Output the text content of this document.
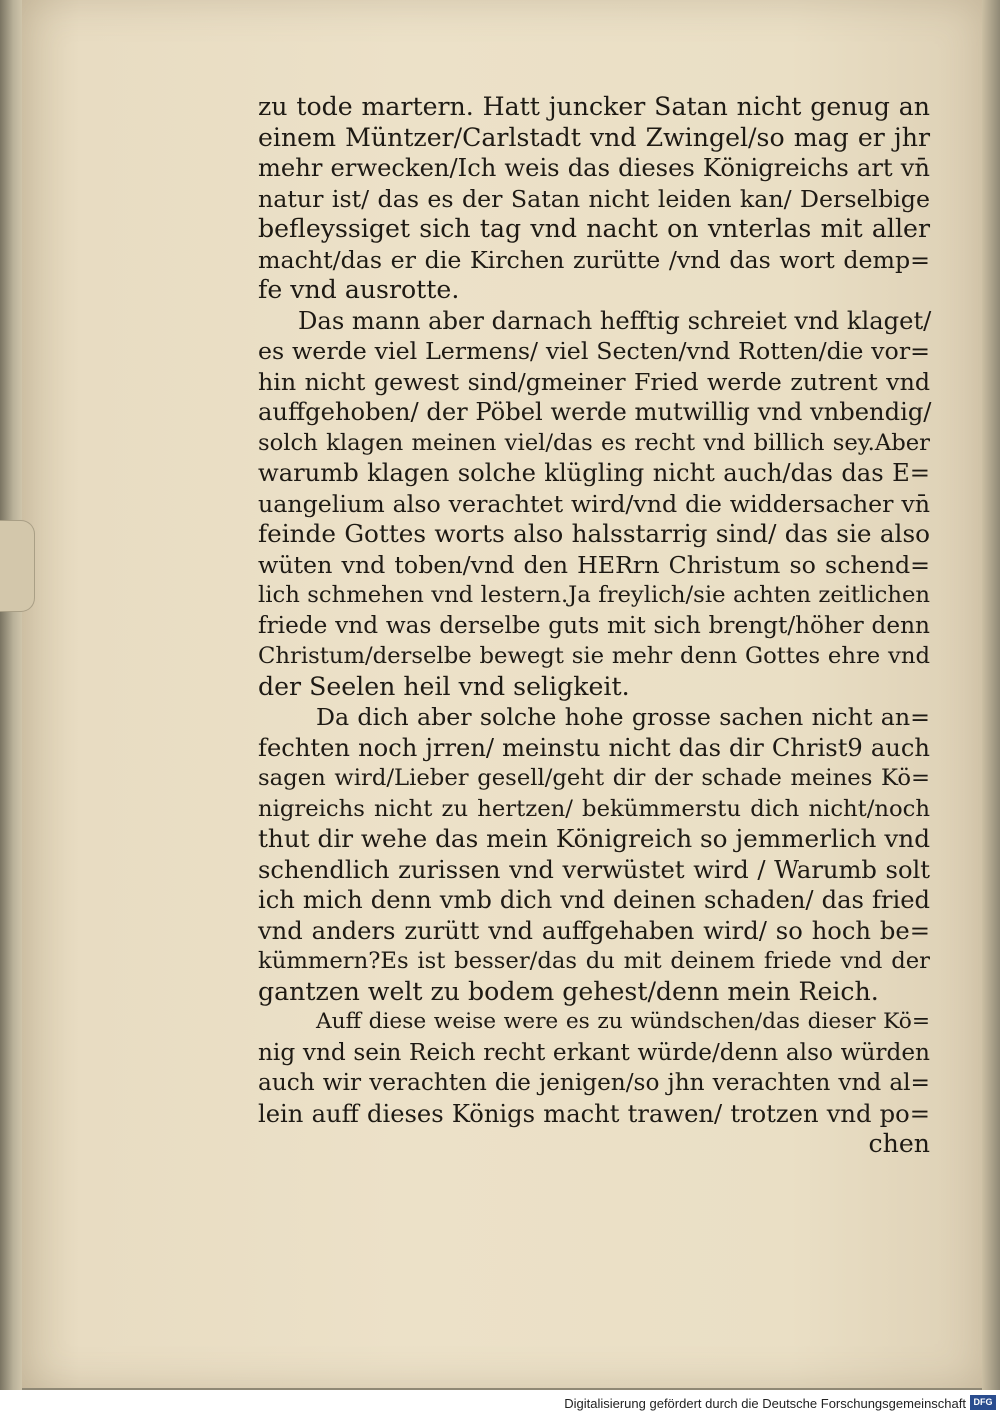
zu tode martern. Hatt juncker Satan nicht genug an
einem Müntzer/Carlstadt vnd Zwingel/so mag er jhr
mehr erwecken/Ich weis das dieses Königreichs art vn̄
natur ist/ das es der Satan nicht leiden kan/ Derselbige
befleyssiget sich tag vnd nacht on vnterlas mit aller
macht/das er die Kirchen zurütte /vnd das wort demp=
fe vnd ausrotte.
Das mann aber darnach hefftig schreiet vnd klaget/
es werde viel Lermens/ viel Secten/vnd Rotten/die vor=
hin nicht gewest sind/gmeiner Fried werde zutrent vnd
auffgehoben/ der Pöbel werde mutwillig vnd vnbendig/
solch klagen meinen viel/das es recht vnd billich sey.Aber
warumb klagen solche klügling nicht auch/das das E=
uangelium also verachtet wird/vnd die widdersacher vn̄
feinde Gottes worts also halsstarrig sind/ das sie also
wüten vnd toben/vnd den HERrn Christum so schend=
lich schmehen vnd lestern.Ja freylich/sie achten zeitlichen
friede vnd was derselbe guts mit sich brengt/höher denn
Christum/derselbe bewegt sie mehr denn Gottes ehre vnd
der Seelen heil vnd seligkeit.
Da dich aber solche hohe grosse sachen nicht an=
fechten noch jrren/ meinstu nicht das dir Christ9 auch
sagen wird/Lieber gesell/geht dir der schade meines Kö=
nigreichs nicht zu hertzen/ bekümmerstu dich nicht/noch
thut dir wehe das mein Königreich so jemmerlich vnd
schendlich zurissen vnd verwüstet wird / Warumb solt
ich mich denn vmb dich vnd deinen schaden/ das fried
vnd anders zurütt vnd auffgehaben wird/ so hoch be=
kümmern?Es ist besser/das du mit deinem friede vnd der
gantzen welt zu bodem gehest/denn mein Reich.
Auff diese weise were es zu wündschen/das dieser Kö=
nig vnd sein Reich recht erkant würde/denn also würden
auch wir verachten die jenigen/so jhn verachten vnd al=
lein auff dieses Königs macht trawen/ trotzen vnd po=
chen
Digitalisierung gefördert durch die Deutsche Forschungsgemeinschaft DFG
